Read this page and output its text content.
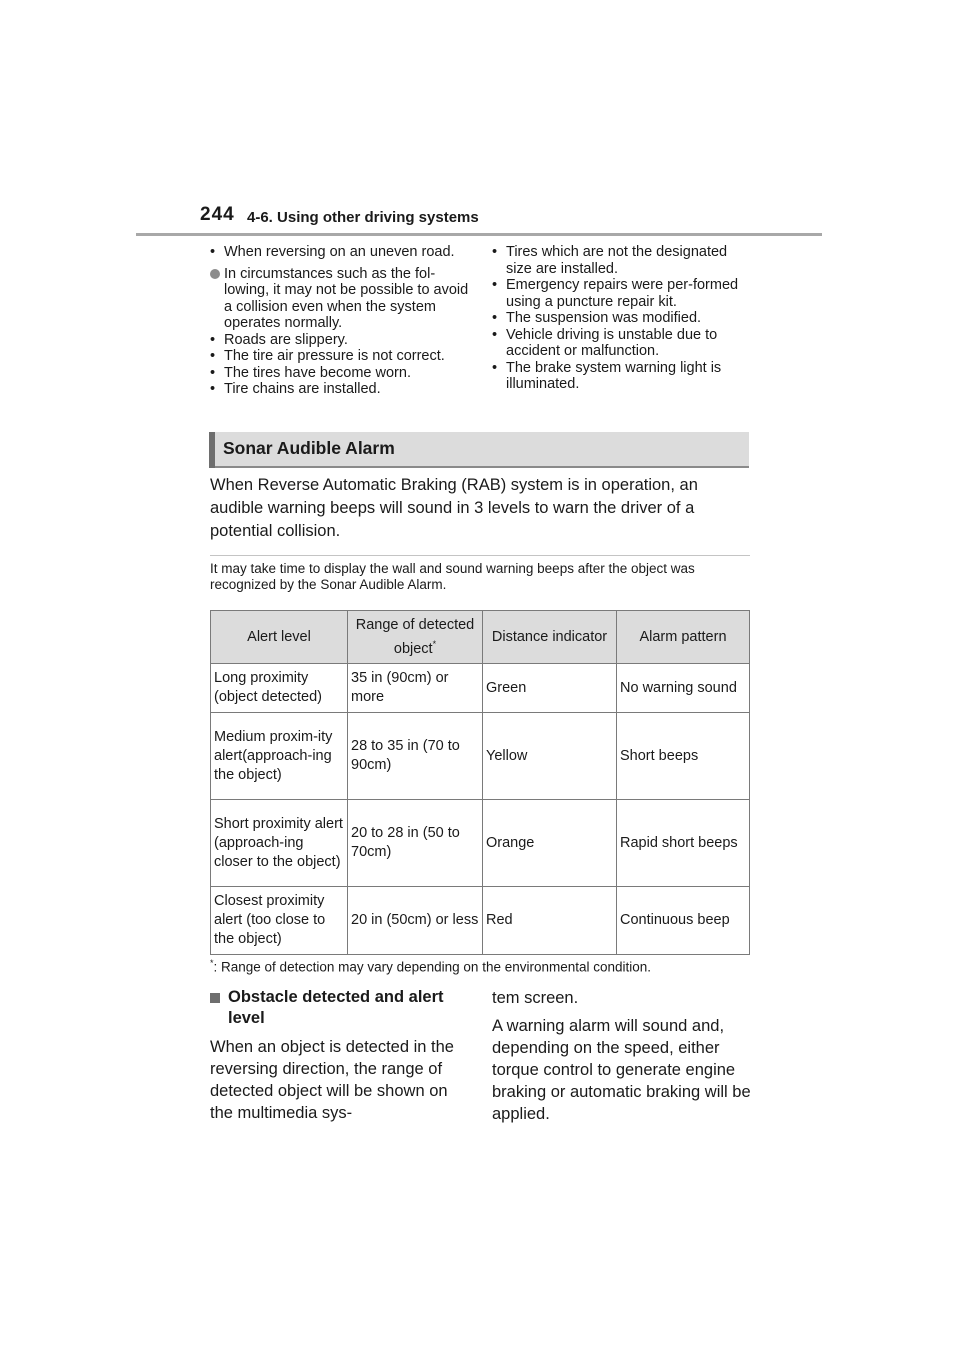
244 4-6. Using other driving systems
• When reversing on an uneven road.
In circumstances such as the fol-lowing, it may not be possible to avoid a collision even when the system operates normally.
• Roads are slippery.
• The tire air pressure is not correct.
• The tires have become worn.
• Tire chains are installed.
• Tires which are not the designated size are installed.
• Emergency repairs were per-formed using a puncture repair kit.
• The suspension was modified.
• Vehicle driving is unstable due to accident or malfunction.
• The brake system warning light is illuminated.
Sonar Audible Alarm
When Reverse Automatic Braking (RAB) system is in operation, an audible warning beeps will sound in 3 levels to warn the driver of a potential collision.
It may take time to display the wall and sound warning beeps after the object was recognized by the Sonar Audible Alarm.
Alert level	Range of detected object*	Distance indicator	Alarm pattern
Long proximity (object detected)	35 in (90cm) or more	Green	No warning sound
Medium proxim-ity alert(approach-ing the object)	28 to 35 in (70 to 90cm)	Yellow	Short beeps
Short proximity alert (approach-ing closer to the object)	20 to 28 in (50 to 70cm)	Orange	Rapid short beeps
Closest proximity alert (too close to the object)	20 in (50cm) or less	Red	Continuous beep
*: Range of detection may vary depending on the environmental condition.
Obstacle detected and alert level
When an object is detected in the reversing direction, the range of detected object will be shown on the multimedia sys-
tem screen.
A warning alarm will sound and, depending on the speed, either torque control to generate engine braking or automatic braking will be applied.
